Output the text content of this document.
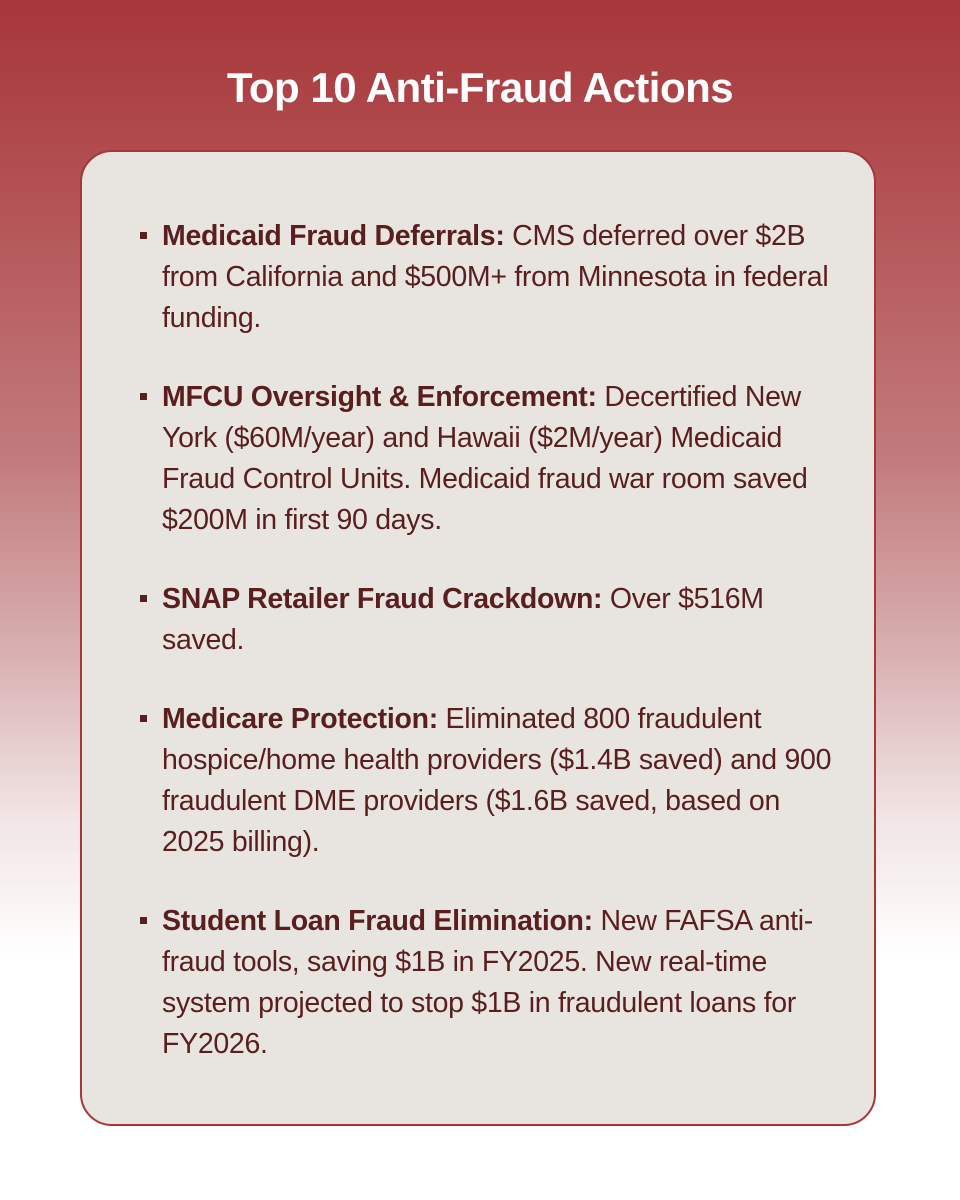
Top 10 Anti-Fraud Actions
Medicaid Fraud Deferrals: CMS deferred over $2B from California and $500M+ from Minnesota in federal funding.
MFCU Oversight & Enforcement: Decertified New York ($60M/year) and Hawaii ($2M/year) Medicaid Fraud Control Units. Medicaid fraud war room saved $200M in first 90 days.
SNAP Retailer Fraud Crackdown: Over $516M saved.
Medicare Protection: Eliminated 800 fraudulent hospice/home health providers ($1.4B saved) and 900 fraudulent DME providers ($1.6B saved, based on 2025 billing).
Student Loan Fraud Elimination: New FAFSA anti-fraud tools, saving $1B in FY2025. New real-time system projected to stop $1B in fraudulent loans for FY2026.
